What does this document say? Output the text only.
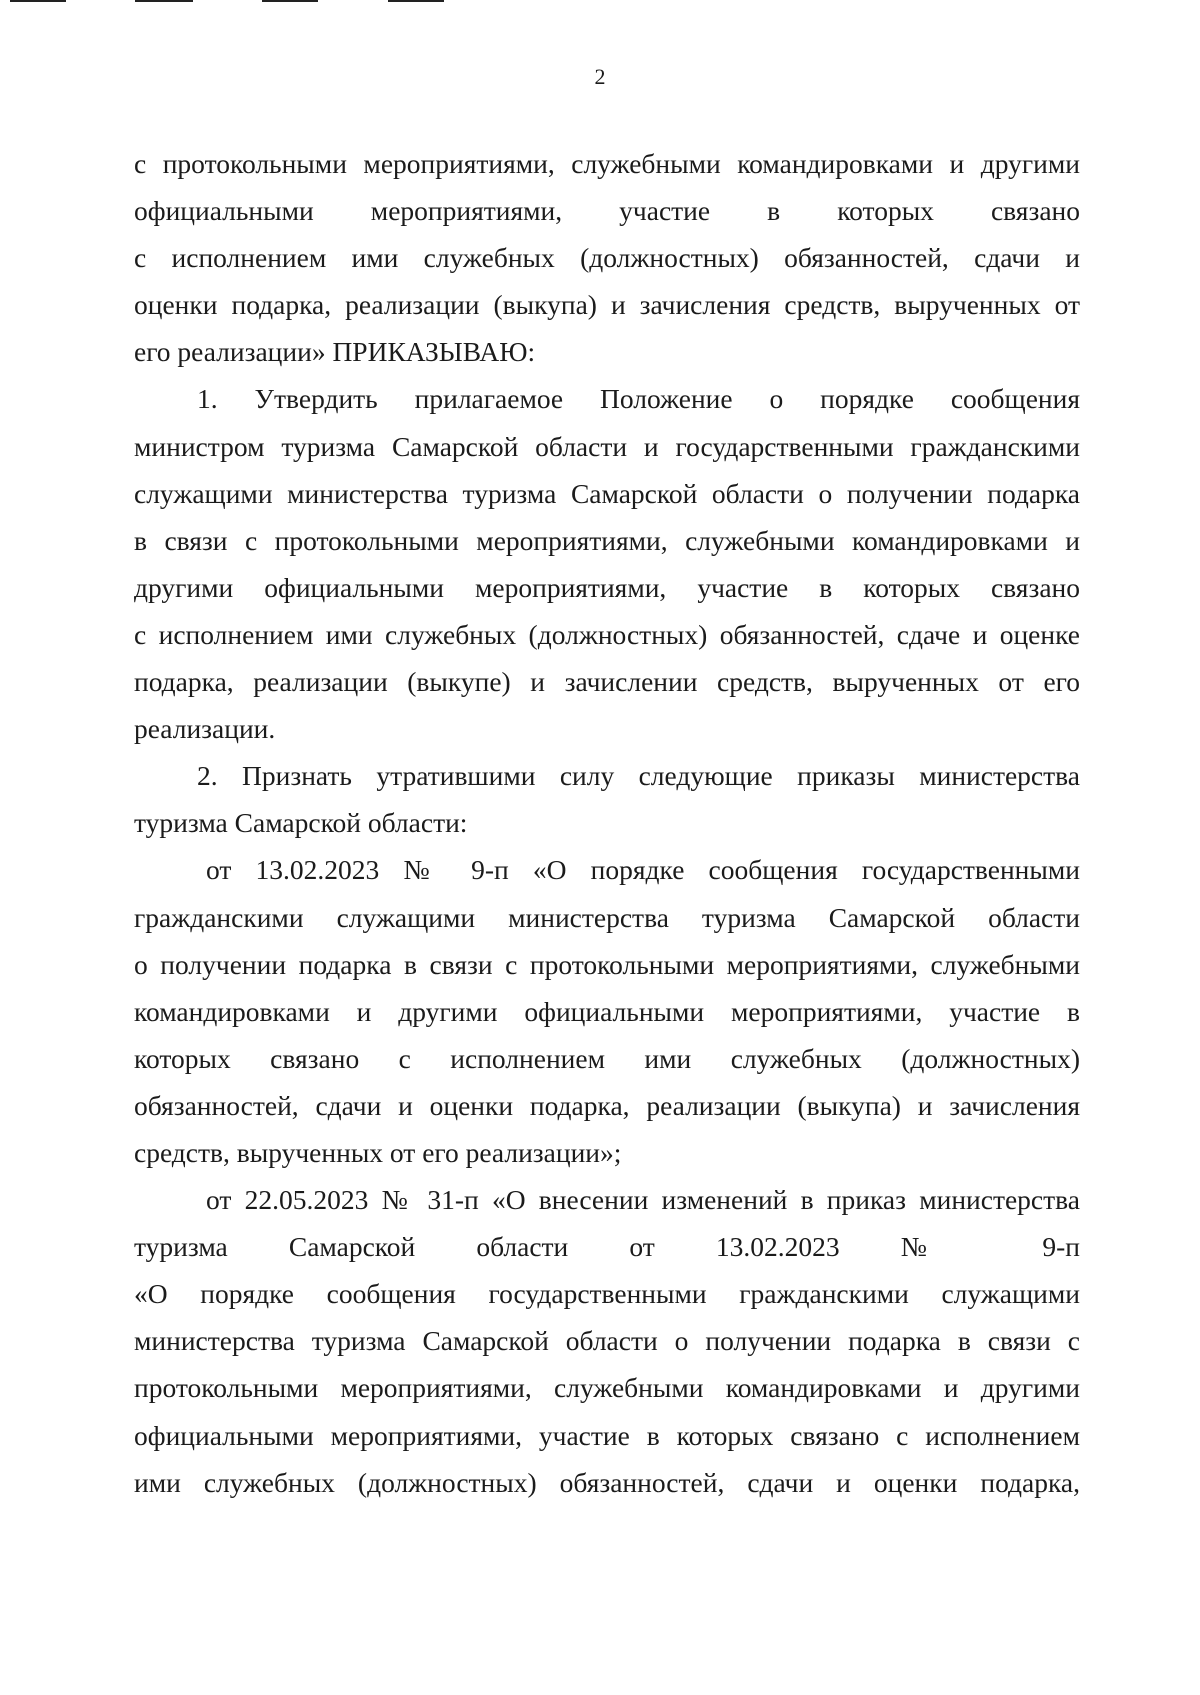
2
с протокольными мероприятиями, служебными командировками и другими
официальными мероприятиями, участие в которых связано
с исполнением ими служебных (должностных) обязанностей, сдачи и
оценки подарка, реализации (выкупа) и зачисления средств, вырученных от
его реализации» ПРИКАЗЫВАЮ:
1. Утвердить прилагаемое Положение о порядке сообщения
министром туризма Самарской области и государственными гражданскими
служащими министерства туризма Самарской области о получении подарка
в связи с протокольными мероприятиями, служебными командировками и
другими официальными мероприятиями, участие в которых связано
с исполнением ими служебных (должностных) обязанностей, сдаче и оценке
подарка, реализации (выкупе) и зачислении средств, вырученных от его
реализации.
2. Признать утратившими силу следующие приказы министерства
туризма Самарской области:
от 13.02.2023 № 9-п «О порядке сообщения государственными
гражданскими служащими министерства туризма Самарской области
о получении подарка в связи с протокольными мероприятиями, служебными
командировками и другими официальными мероприятиями, участие в
которых связано с исполнением ими служебных (должностных)
обязанностей, сдачи и оценки подарка, реализации (выкупа) и зачисления
средств, вырученных от его реализации»;
от 22.05.2023 № 31-п «О внесении изменений в приказ министерства
туризма Самарской области от 13.02.2023 № 9-п
«О порядке сообщения государственными гражданскими служащими
министерства туризма Самарской области о получении подарка в связи с
протокольными мероприятиями, служебными командировками и другими
официальными мероприятиями, участие в которых связано с исполнением
ими служебных (должностных) обязанностей, сдачи и оценки подарка,
